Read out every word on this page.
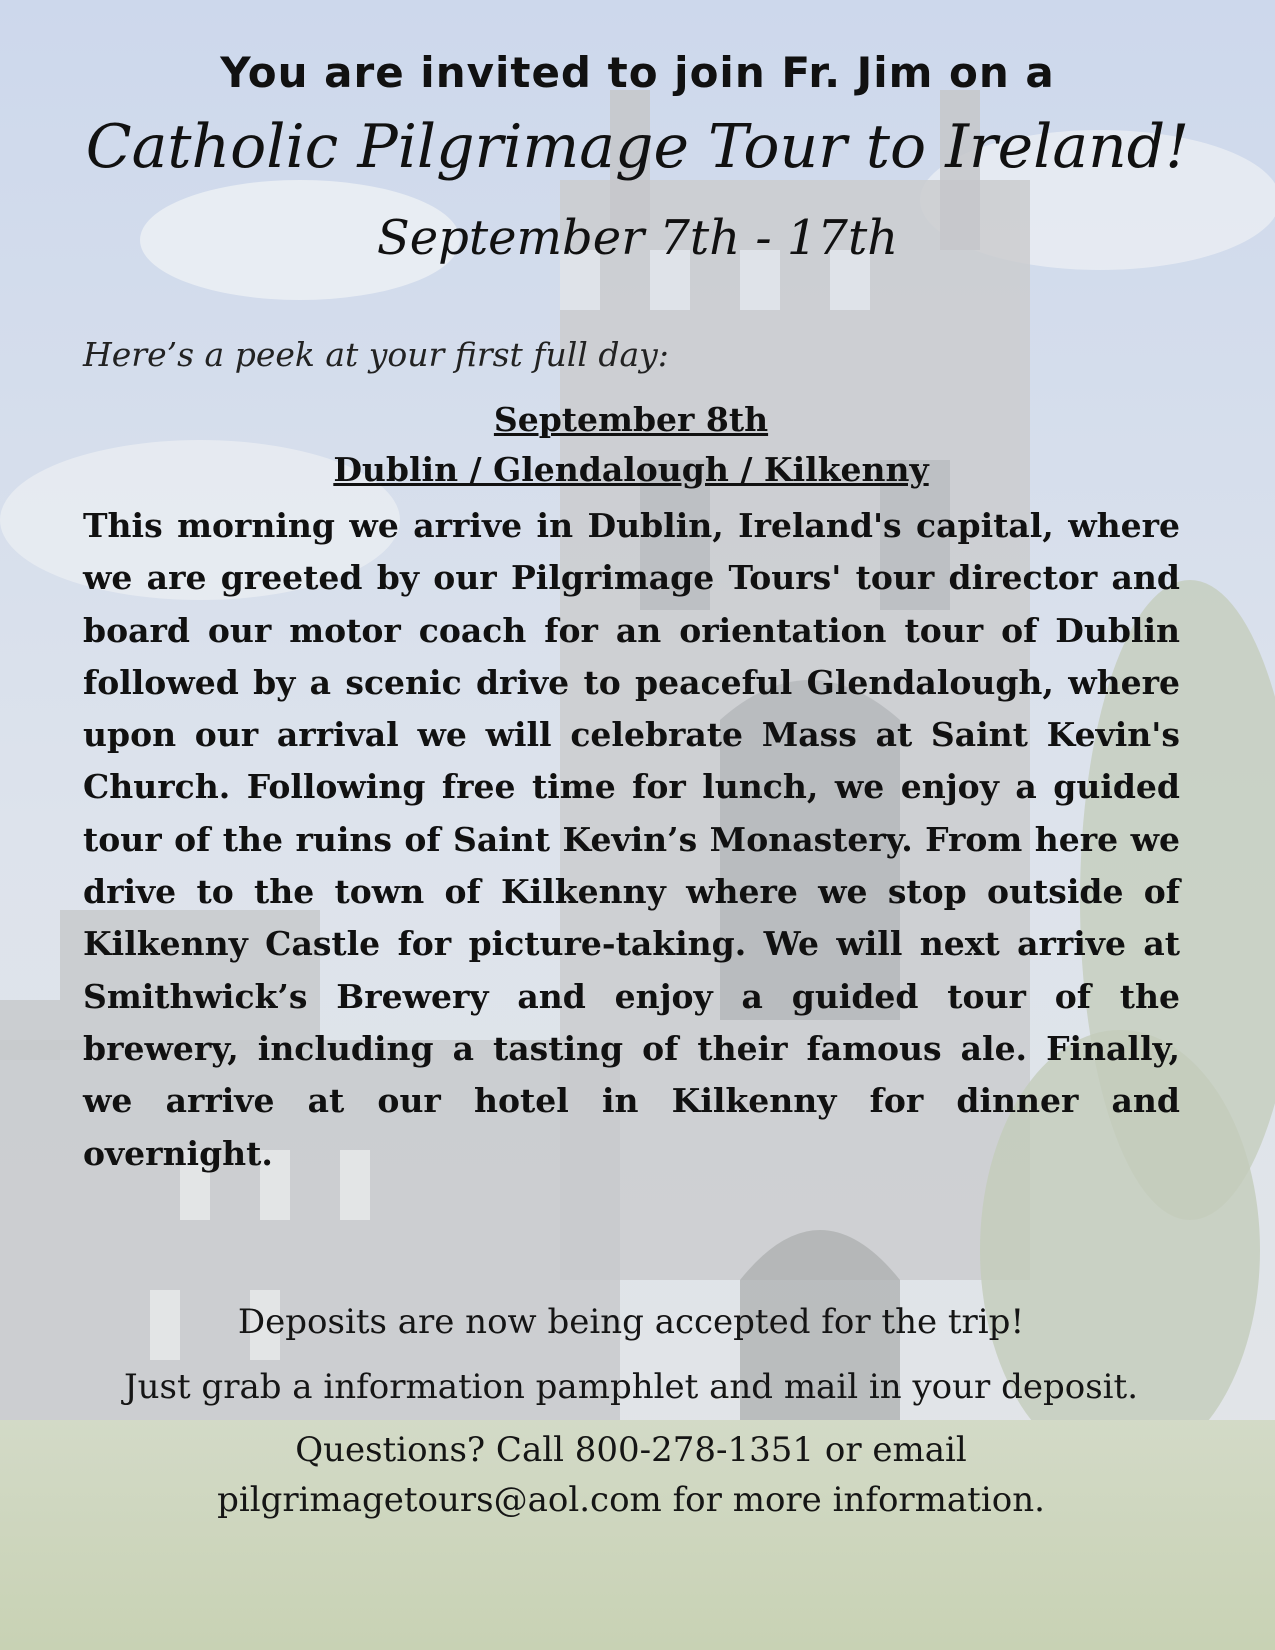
You are invited to join Fr. Jim on a
Catholic Pilgrimage Tour to Ireland!
September 7th - 17th
Here’s a peek at your first full day:
September 8th
Dublin / Glendalough / Kilkenny

This morning we arrive in Dublin, Ireland's capital, where we are greeted by our Pilgrimage Tours' tour director and board our motor coach for an orientation tour of Dublin followed by a scenic drive to peaceful Glendalough, where upon our arrival we will celebrate Mass at Saint Kevin's Church. Following free time for lunch, we enjoy a guided tour of the ruins of Saint Kevin’s Monastery. From here we drive to the town of Kilkenny where we stop outside of Kilkenny Castle for picture-taking. We will next arrive at Smithwick’s Brewery and enjoy a guided tour of the brewery, including a tasting of their famous ale. Finally, we arrive at our hotel in Kilkenny for dinner and overnight.

Deposits are now being accepted for the trip!
Just grab a information pamphlet and mail in your deposit.
Questions? Call 800-278-1351 or email
pilgrimagetours@aol.com for more information.
